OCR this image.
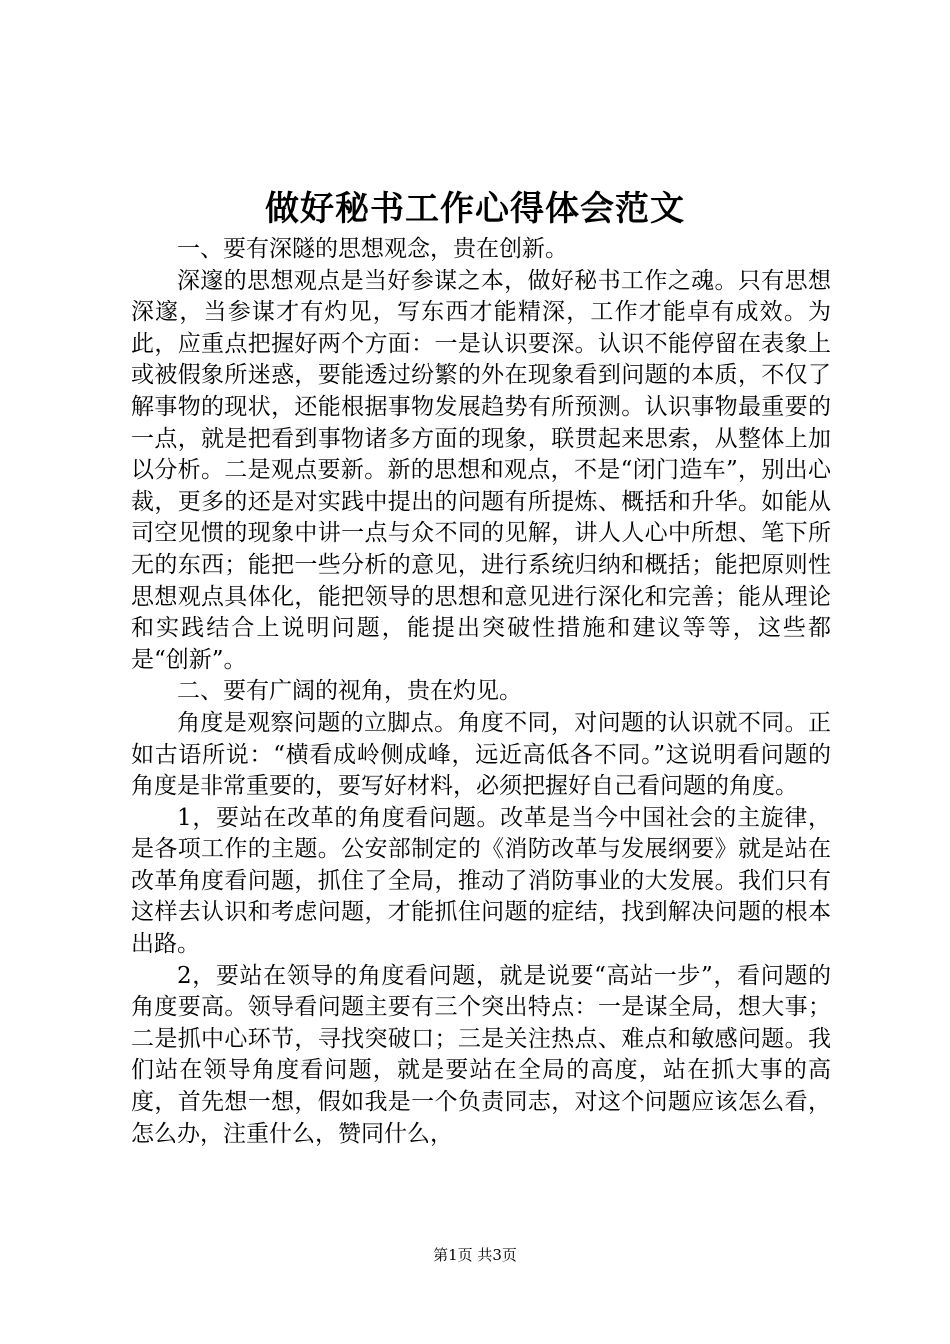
做好秘书工作心得体会范文

一、要有深隧的思想观念，贵在创新。

深邃的思想观点是当好参谋之本，做好秘书工作之魂。只有思想深邃，当参谋才有灼见，写东西才能精深，工作才能卓有成效。为此，应重点把握好两个方面：一是认识要深。认识不能停留在表象上或被假象所迷惑，要能透过纷繁的外在现象看到问题的本质，不仅了解事物的现状，还能根据事物发展趋势有所预测。认识事物最重要的一点，就是把看到事物诸多方面的现象，联贯起来思索，从整体上加以分析。二是观点要新。新的思想和观点，不是“闭门造车”，别出心裁，更多的还是对实践中提出的问题有所提炼、概括和升华。如能从司空见惯的现象中讲一点与众不同的见解，讲人人心中所想、笔下所无的东西；能把一些分析的意见，进行系统归纳和概括；能把原则性思想观点具体化，能把领导的思想和意见进行深化和完善；能从理论和实践结合上说明问题，能提出突破性措施和建议等等，这些都是“创新”。

二、要有广阔的视角，贵在灼见。

角度是观察问题的立脚点。角度不同，对问题的认识就不同。正如古语所说：“横看成岭侧成峰，远近高低各不同。”这说明看问题的角度是非常重要的，要写好材料，必须把握好自己看问题的角度。

1，要站在改革的角度看问题。改革是当今中国社会的主旋律，是各项工作的主题。公安部制定的《消防改革与发展纲要》就是站在改革角度看问题，抓住了全局，推动了消防事业的大发展。我们只有这样去认识和考虑问题，才能抓住问题的症结，找到解决问题的根本出路。

2，要站在领导的角度看问题，就是说要“高站一步”，看问题的角度要高。领导看问题主要有三个突出特点：一是谋全局，想大事；二是抓中心环节，寻找突破口；三是关注热点、难点和敏感问题。我们站在领导角度看问题，就是要站在全局的高度，站在抓大事的高度，首先想一想，假如我是一个负责同志，对这个问题应该怎么看，怎么办，注重什么，赞同什么，

第1页 共3页
